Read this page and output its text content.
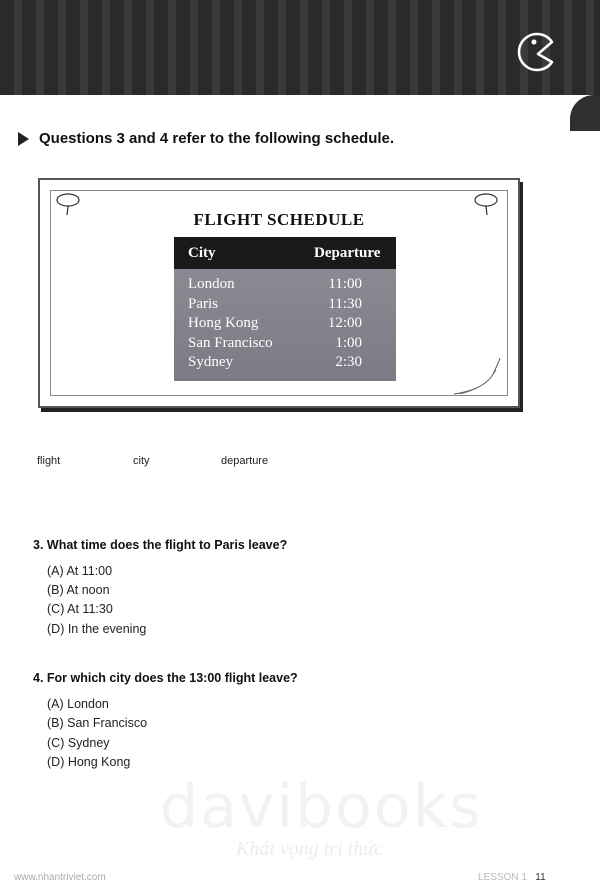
Questions 3 and 4 refer to the following schedule.
FLIGHT SCHEDULE
City	Departure
London	11:00
Paris	11:30
Hong Kong	12:00
San Francisco	1:00
Sydney	2:30
flight	city	departure
3. What time does the flight to Paris leave?
(A) At 11:00
(B) At noon
(C) At 11:30
(D) In the evening
4. For which city does the 13:00 flight leave?
(A) London
(B) San Francisco
(C) Sydney
(D) Hong Kong
davibooks
Khát vọng tri thức
www.nhantriviet.com	LESSON 1 11
